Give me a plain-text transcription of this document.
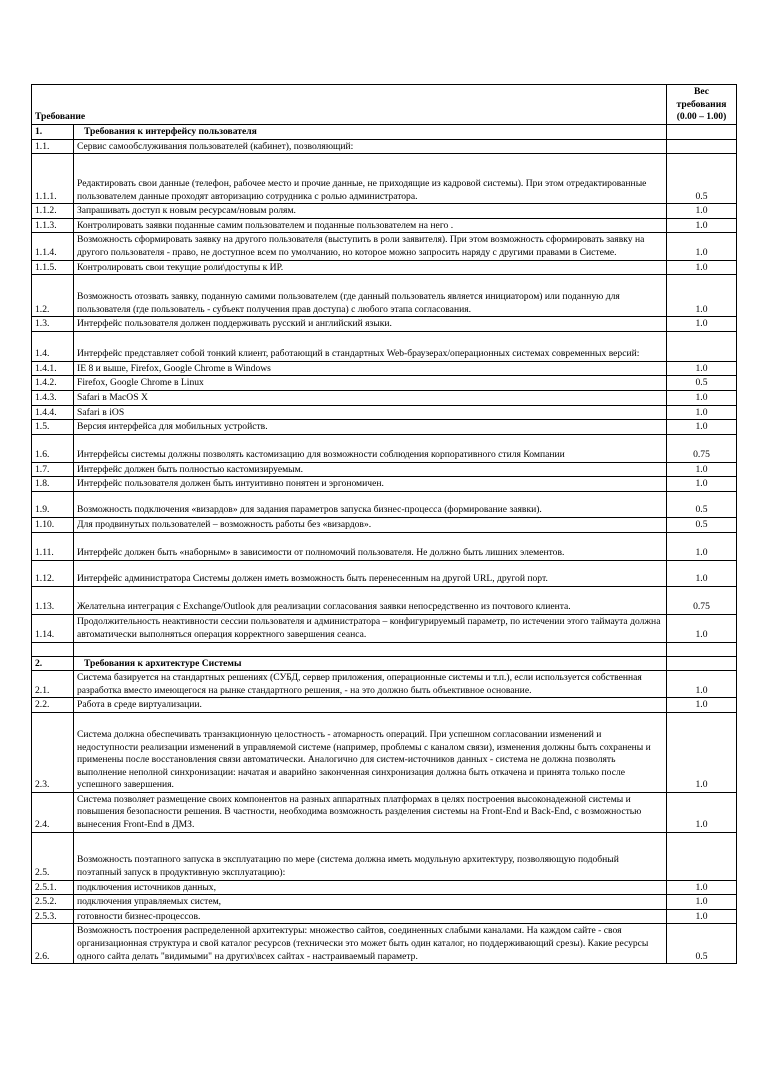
Требование		Вес требования (0.00 – 1.00)
1.	Требования к интерфейсу пользователя	
1.1.	Сервис самообслуживания пользователей (кабинет), позволяющий:	
1.1.1.	Редактировать свои данные (телефон, рабочее место и прочие данные, не приходящие из кадровой системы). При этом отредактированные пользователем данные проходят авторизацию сотрудника с ролью администратора.	0.5
1.1.2.	Запрашивать доступ к новым ресурсам/новым ролям.	1.0
1.1.3.	Контролировать заявки поданные самим пользователем и поданные пользователем на него .	1.0
1.1.4.	Возможность сформировать заявку на другого пользователя (выступить в роли заявителя). При этом возможность сформировать заявку на другого пользователя - право, не доступное всем по умолчанию, но которое можно запросить наряду с другими правами в Системе.	1.0
1.1.5.	Контролировать свои текущие роли\доступы к ИР.	1.0
1.2.	Возможность отозвать заявку, поданную самими пользователем (где данный пользователь является инициатором) или поданную для пользователя (где пользователь - субъект получения прав доступа) с любого этапа согласования.	1.0
1.3.	Интерфейс пользователя должен поддерживать русский и английский языки.	1.0
1.4.	Интерфейс представляет собой тонкий клиент, работающий в стандартных Web-браузерах/операционных системах современных версий:	
1.4.1.	IE 8 и выше, Firefox, Google Chrome в Windows	1.0
1.4.2.	Firefox, Google Chrome в Linux	0.5
1.4.3.	Safari в MacOS X	1.0
1.4.4.	Safari в iOS	1.0
1.5.	Версия интерфейса для мобильных устройств.	1.0
1.6.	Интерфейсы системы должны позволять кастомизацию для возможности соблюдения корпоративного стиля Компании	0.75
1.7.	Интерфейс должен быть полностью кастомизируемым.	1.0
1.8.	Интерфейс пользователя должен быть интуитивно понятен и эргономичен.	1.0
1.9.	Возможность подключения «визардов» для задания параметров запуска бизнес-процесса (формирование заявки).	0.5
1.10.	Для продвинутых пользователей – возможность работы без «визардов».	0.5
1.11.	Интерфейс должен быть «наборным» в зависимости от полномочий пользователя. Не должно быть лишних элементов.	1.0
1.12.	Интерфейс администратора Системы должен иметь возможность быть перенесенным на другой URL, другой порт.	1.0
1.13.	Желательна интеграция с Exchange/Outlook для реализации согласования заявки непосредственно из почтового клиента.	0.75
1.14.	Продолжительность неактивности сессии пользователя и администратора – конфигурируемый параметр, по истечении этого таймаута должна автоматически выполняться операция корректного завершения сеанса.	1.0

2.	Требования к архитектуре Системы	
2.1.	Система базируется на стандартных решениях (СУБД, сервер приложения, операционные системы и т.п.), если используется собственная разработка вместо имеющегося на рынке стандартного решения, - на это должно быть объективное основание.	1.0
2.2.	Работа в среде виртуализации.	1.0
2.3.	Система должна обеспечивать транзакционную целостность - атомарность операций. При успешном согласовании изменений и недоступности реализации изменений в управляемой системе (например, проблемы с каналом связи), изменения должны быть сохранены и применены после восстановления связи автоматически. Аналогично для систем-источников данных - система не должна позволять выполнение неполной синхронизации: начатая и аварийно законченная синхронизация должна быть откачена и принята только после успешного завершения.	1.0
2.4.	Система позволяет размещение своих компонентов на разных аппаратных платформах в целях построения высоконадежной системы и повышения безопасности решения. В частности, необходима возможность разделения системы на Front-End и Back-End, с возможностью вынесения Front-End в ДМЗ.	1.0
2.5.	Возможность поэтапного запуска в эксплуатацию по мере (система должна иметь модульную архитектуру, позволяющую подобный поэтапный запуск в продуктивную эксплуатацию):	
2.5.1.	подключения источников данных,	1.0
2.5.2.	подключения управляемых систем,	1.0
2.5.3.	готовности бизнес-процессов.	1.0
2.6.	Возможность построения распределенной архитектуры: множество сайтов, соединенных слабыми каналами. На каждом сайте - своя организационная структура и свой каталог ресурсов (технически это может быть один каталог, но поддерживающий срезы). Какие ресурсы одного сайта делать "видимыми" на других\всех сайтах - настраиваемый параметр.	0.5
